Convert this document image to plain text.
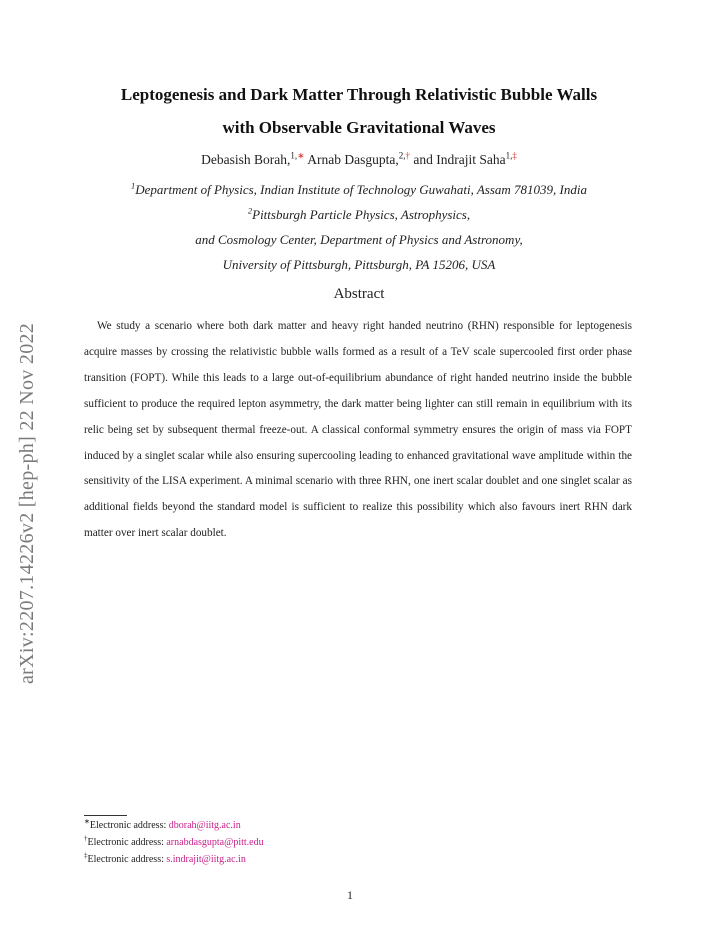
arXiv:2207.14226v2 [hep-ph] 22 Nov 2022
Leptogenesis and Dark Matter Through Relativistic Bubble Walls
with Observable Gravitational Waves
Debasish Borah,$^{1,∗}$ Arnab Dasgupta,$^{2,\dagger}$ and Indrajit Saha$^{1,\ddagger}$
$^1$Department of Physics, Indian Institute of Technology Guwahati, Assam 781039, India
$^2$Pittsburgh Particle Physics, Astrophysics,
and Cosmology Center, Department of Physics and Astronomy,
University of Pittsburgh, Pittsburgh, PA 15206, USA
Abstract
We study a scenario where both dark matter and heavy right handed neutrino (RHN) responsible for leptogenesis acquire masses by crossing the relativistic bubble walls formed as a result of a TeV scale supercooled first order phase transition (FOPT). While this leads to a large out-of-equilibrium abundance of right handed neutrino inside the bubble sufficient to produce the required lepton asymmetry, the dark matter being lighter can still remain in equilibrium with its relic being set by subsequent thermal freeze-out. A classical conformal symmetry ensures the origin of mass via FOPT induced by a singlet scalar while also ensuring supercooling leading to enhanced gravitational wave amplitude within the sensitivity of the LISA experiment. A minimal scenario with three RHN, one inert scalar doublet and one singlet scalar as additional fields beyond the standard model is sufficient to realize this possibility which also favours inert RHN dark matter over inert scalar doublet.
∗Electronic address: dborah@iitg.ac.in
†Electronic address: arnabdasgupta@pitt.edu
‡Electronic address: s.indrajit@iitg.ac.in
1
